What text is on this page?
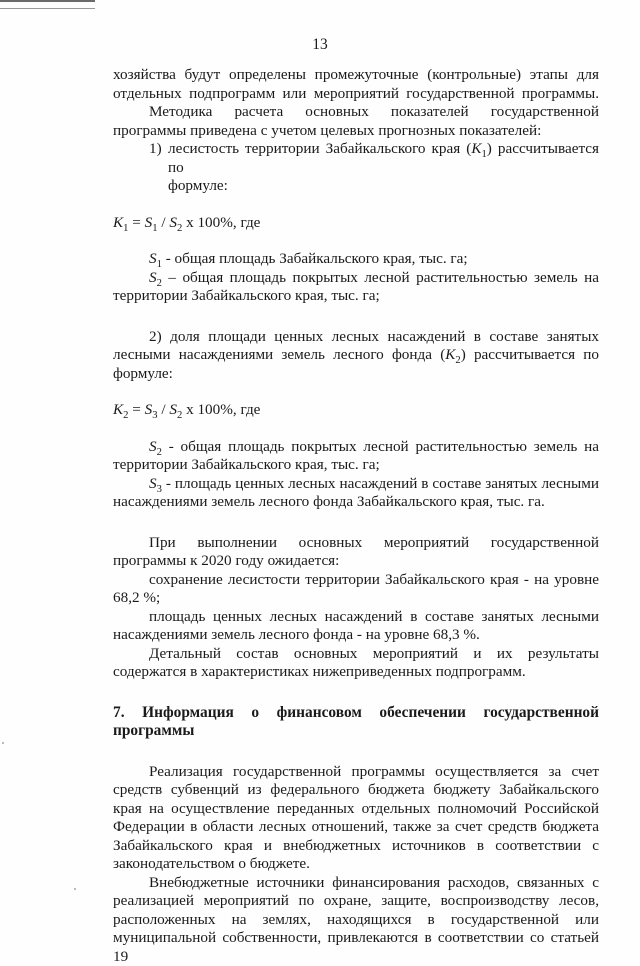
13

хозяйства будут определены промежуточные (контрольные) этапы для отдельных подпрограмм или мероприятий государственной программы.

Методика расчета основных показателей государственной программы приведена с учетом целевых прогнозных показателей:

1) лесистость территории Забайкальского края $(K_1)$ рассчитывается по

формуле:

$K_1 = S_1 / S_2$ x 100%, где

$S_1$ - общая площадь Забайкальского края, тыс. га;

$S_2$ – общая площадь покрытых лесной растительностью земель на территории Забайкальского края, тыс. га;

2) доля площади ценных лесных насаждений в составе занятых лесными насаждениями земель лесного фонда $(K_2)$ рассчитывается по формуле:

$K_2 = S_3 / S_2$ x 100%, где

$S_2$ - общая площадь покрытых лесной растительностью земель на территории Забайкальского края, тыс. га;

$S_3$ - площадь ценных лесных насаждений в составе занятых лесными насаждениями земель лесного фонда Забайкальского края, тыс. га.

При выполнении основных мероприятий государственной программы к 2020 году ожидается:

сохранение лесистости территории Забайкальского края - на уровне 68,2 %;

площадь ценных лесных насаждений в составе занятых лесными насаждениями земель лесного фонда - на уровне 68,3 %.

Детальный состав основных мероприятий и их результаты содержатся в характеристиках нижеприведенных подпрограмм.

7. Информация о финансовом обеспечении государственной программы

Реализация государственной программы осуществляется за счет средств субвенций из федерального бюджета бюджету Забайкальского края на осуществление переданных отдельных полномочий Российской Федерации в области лесных отношений, также за счет средств бюджета Забайкальского края и внебюджетных источников в соответствии с законодательством о бюджете.

Внебюджетные источники финансирования расходов, связанных с реализацией мероприятий по охране, защите, воспроизводству лесов, расположенных на землях, находящихся в государственной или муниципальной собственности, привлекаются в соответствии со статьей 19
